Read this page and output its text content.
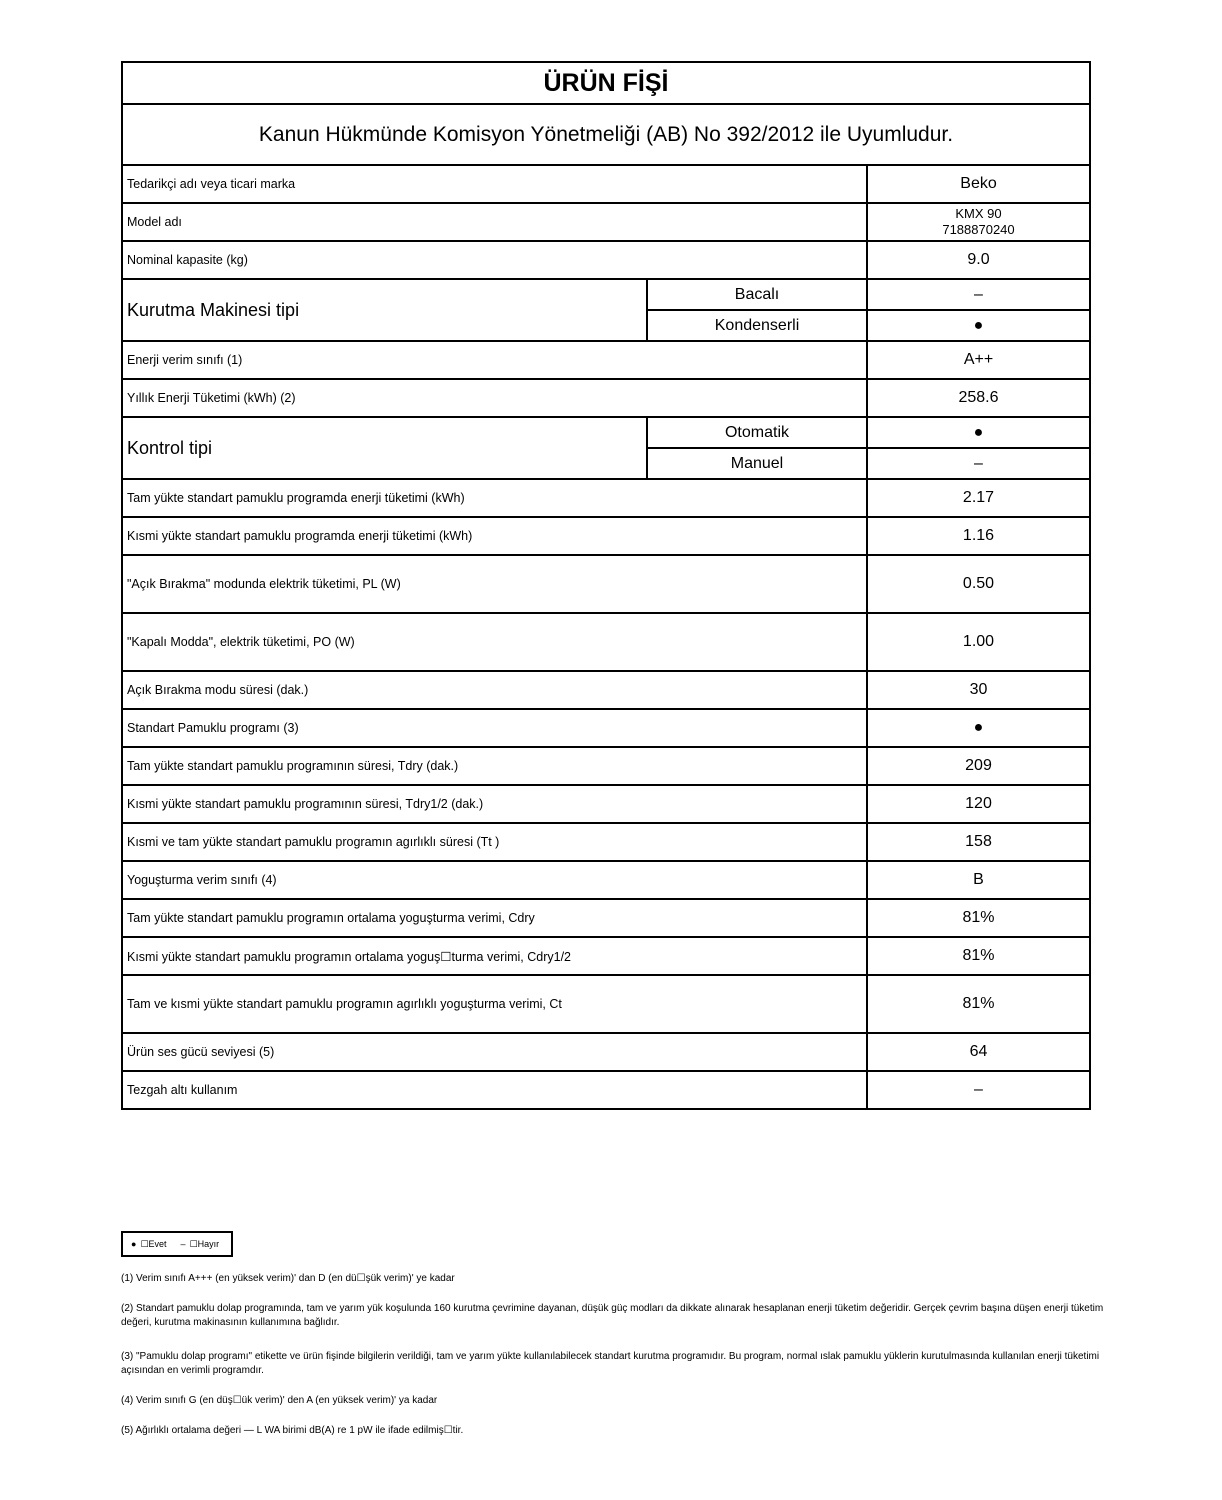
ÜRÜN FİŞİ		
Kanun Hükmünde Komisyon Yönetmeliği (AB) No 392/2012 ile Uyumludur.		
Tedarikçi adı veya ticari marka		Beko
Model adı		KMX 90
7188870240

Nominal kapasite (kg)		9.0
Kurutma Makinesi tipi	Bacalı	–
	Kondenserli	●
Enerji verim sınıfı (1)		A++
Yıllık Enerji Tüketimi (kWh) (2)		258.6
Kontrol tipi	Otomatik	●
	Manuel	–
Tam yükte standart pamuklu programda enerji tüketimi (kWh)		2.17
Kısmi yükte standart pamuklu programda enerji tüketimi (kWh)		1.16
"Açık Bırakma" modunda elektrik tüketimi, PL (W)		0.50
"Kapalı Modda", elektrik tüketimi, PO (W)		1.00
Açık Bırakma modu süresi (dak.)		30
Standart Pamuklu programı (3)		●
Tam yükte standart pamuklu programının süresi, Tdry (dak.)		209
Kısmi yükte standart pamuklu programının süresi, Tdry1/2 (dak.)		120
Kısmi ve tam yükte standart pamuklu programın agırlıklı süresi (Tt )		158
Yoguşturma verim sınıfı (4)		B
Tam yükte standart pamuklu programın ortalama yoguşturma verimi, Cdry		81%
Kısmi yükte standart pamuklu programın ortalama yoguş☐turma verimi, Cdry1/2		81%
Tam ve kısmi yükte standart pamuklu programın agırlıklı yoguşturma verimi, Ct		81%
Ürün ses gücü seviyesi (5)		64
Tezgah altı kullanım		–
● ☐Evet – ☐Hayır

(1) Verim sınıfı A+++ (en yüksek verim)' dan D (en dü☐şük verim)' ye kadar

(2) Standart pamuklu dolap programında, tam ve yarım yük koşulunda 160 kurutma çevrimine dayanan, düşük güç modları da dikkate alınarak hesaplanan enerji tüketim değeridir. Gerçek çevrim başına düşen enerji tüketim değeri, kurutma makinasının kullanımına bağlıdır.

(3) "Pamuklu dolap programı" etikette ve ürün fişinde bilgilerin verildiği, tam ve yarım yükte kullanılabilecek standart kurutma programıdır. Bu program, normal ıslak pamuklu yüklerin kurutulmasında kullanılan enerji tüketimi açısından en verimli programdır.

(4) Verim sınıfı G (en düş☐ük verim)' den A (en yüksek verim)' ya kadar

(5) Ağırlıklı ortalama değeri — L WA birimi dB(A) re 1 pW ile ifade edilmiş☐tir.
